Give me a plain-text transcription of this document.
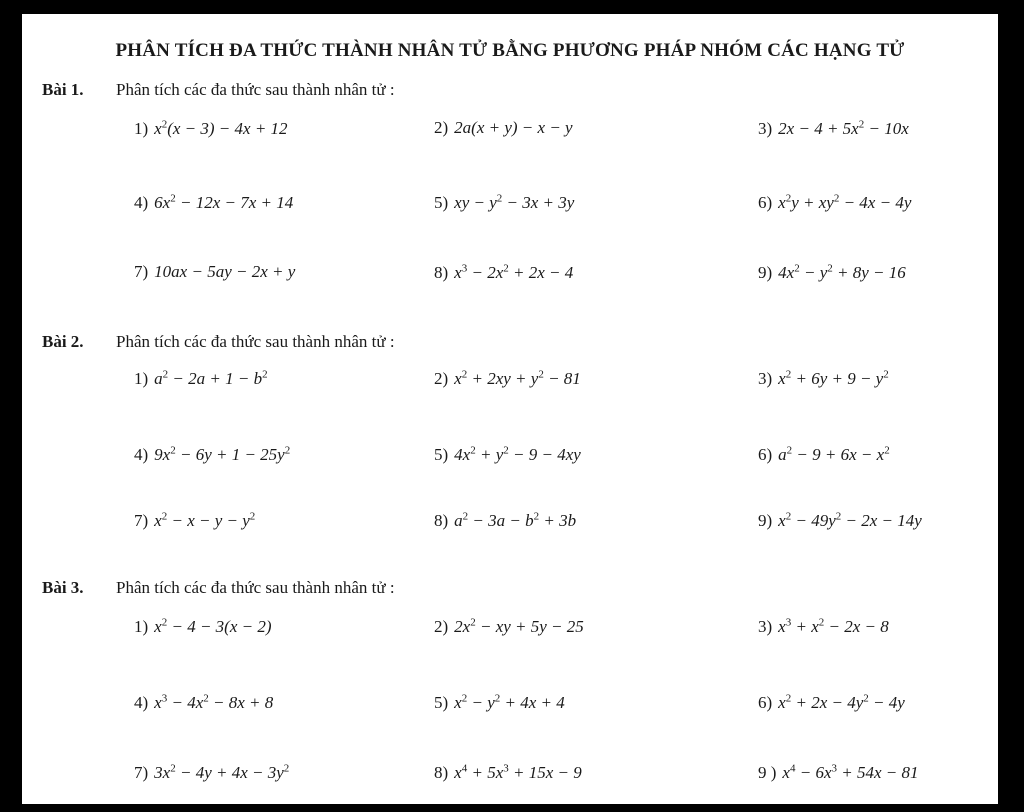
PHÂN TÍCH ĐA THỨC THÀNH NHÂN TỬ BẰNG PHƯƠNG PHÁP NHÓM CÁC HẠNG TỬ
Bài 1. Phân tích các đa thức sau thành nhân tử :
1) $x^2(x - 3) - 4x + 12$	2) 2a(x + y) − x − y	3) $2x - 4 + 5x^2 - 10x$
4) $6x^2 - 12x - 7x + 14$	5) xy − $y^2 - 3x + 3y$	6) $x^2y + xy^2 - 4x - 4y$
7) 10ax − 5ay − 2x + y	8) $x^3 - 2x^2 + 2x - 4$	9) $4x^2 - y^2 + 8y - 16$
Bài 2. Phân tích các đa thức sau thành nhân tử :
1) $a^2 - 2a + 1 - b^2$	2) $x^2 + 2xy + y^2 - 81$	3) $x^2 + 6y + 9 - y^2$
4) $9x^2 - 6y + 1 - 25y^2$	5) $4x^2 + y^2 - 9 - 4xy$	6) $a^2 - 9 + 6x - x^2$
7) $x^2 - x - y - y^2$	8) $a^2 - 3a - b^2 + 3b$	9) $x^2 - 49y^2 - 2x - 14y$
Bài 3. Phân tích các đa thức sau thành nhân tử :
1) $x^2 - 4 - 3(x - 2)$	2) $2x^2$ − xy + 5y − 25	3) $x^3 + x^2 - 2x - 8$
4) $x^3 - 4x^2 - 8x + 8$	5) $x^2 - y^2 + 4x + 4$	6) $x^2 + 2x - 4y^2 - 4y$
7) $3x^2 - 4y + 4x - 3y^2$	8) $x^4 + 5x^3 + 15x - 9$	9 ) $x^4 - 6x^3 + 54x - 81$
